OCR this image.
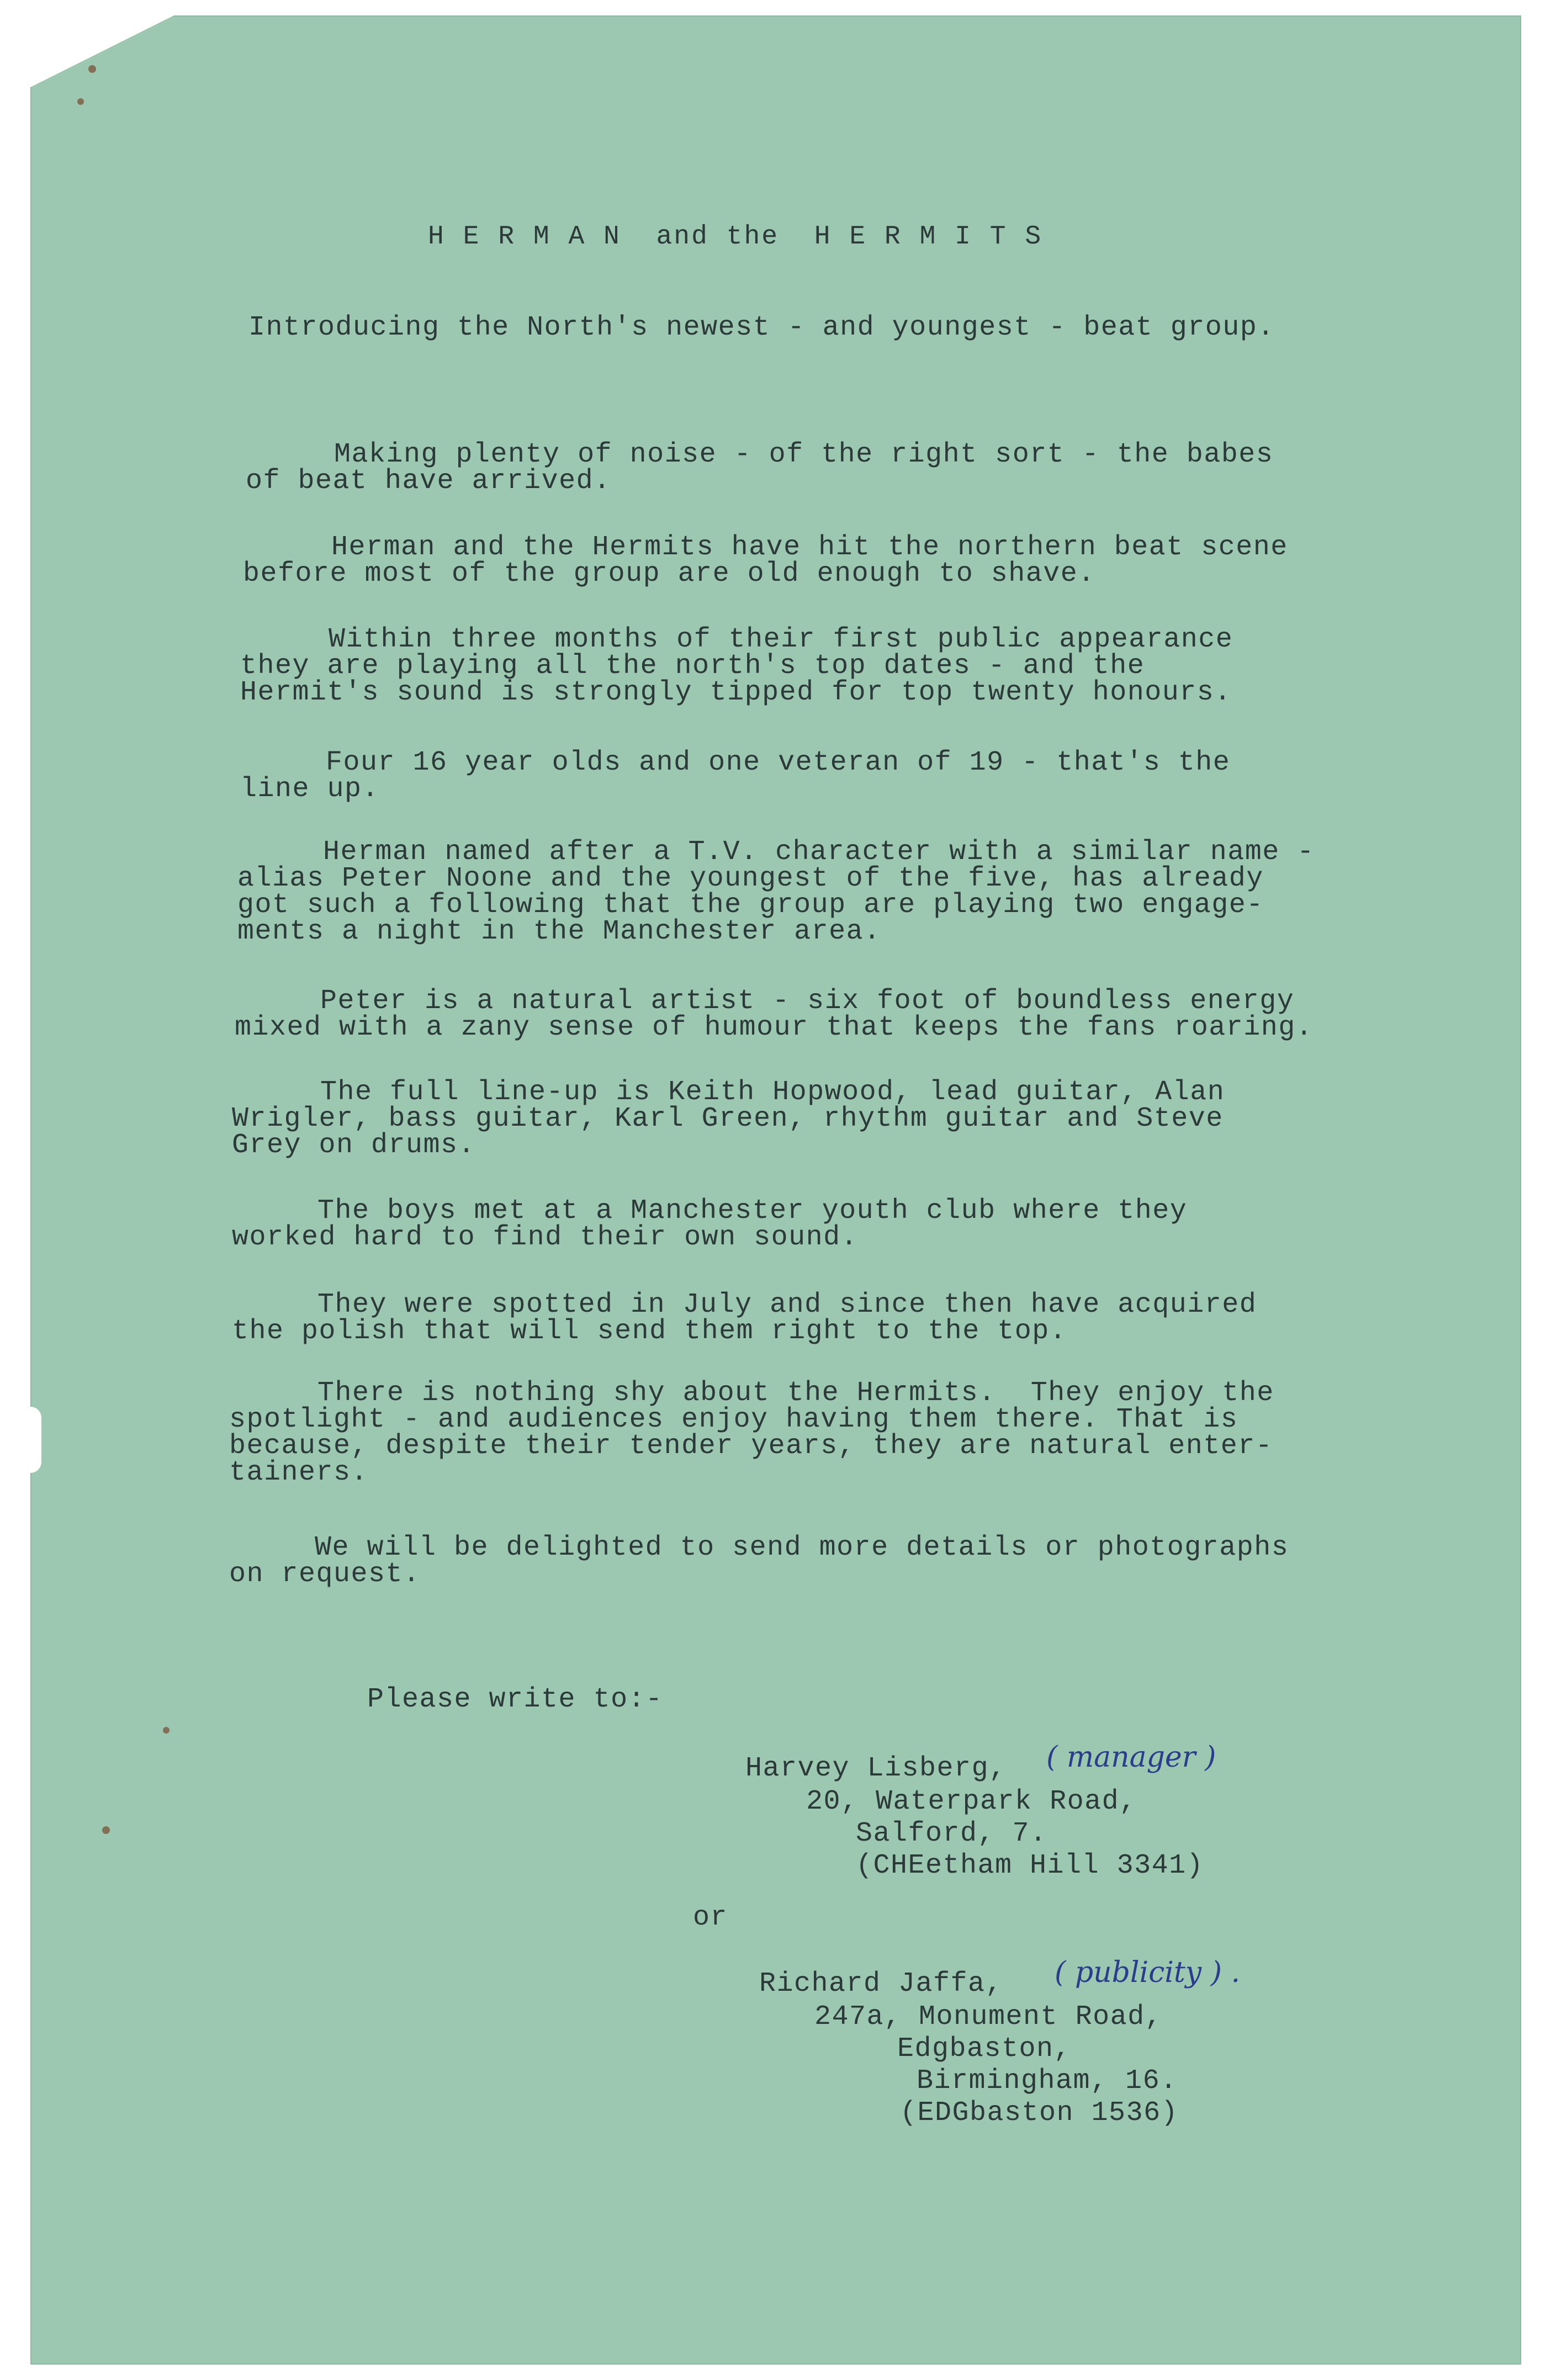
H E R M A N  and the  H E R M I T S
Introducing the North's newest - and youngest - beat group.
Making plenty of noise - of the right sort - the babes
of beat have arrived.
Herman and the Hermits have hit the northern beat scene
before most of the group are old enough to shave.
Within three months of their first public appearance
they are playing all the north's top dates - and the
Hermit's sound is strongly tipped for top twenty honours.
Four 16 year olds and one veteran of 19 - that's the
line up.
Herman named after a T.V. character with a similar name -
alias Peter Noone and the youngest of the five, has already
got such a following that the group are playing two engage-
ments a night in the Manchester area.
Peter is a natural artist - six foot of boundless energy
mixed with a zany sense of humour that keeps the fans roaring.
The full line-up is Keith Hopwood, lead guitar, Alan
Wrigler, bass guitar, Karl Green, rhythm guitar and Steve
Grey on drums.
The boys met at a Manchester youth club where they
worked hard to find their own sound.
They were spotted in July and since then have acquired
the polish that will send them right to the top.
There is nothing shy about the Hermits.  They enjoy the
spotlight - and audiences enjoy having them there. That is
because, despite their tender years, they are natural enter-
tainers.
We will be delighted to send more details or photographs
on request.
Please write to:-
Harvey Lisberg, ( manager )
20, Waterpark Road,
Salford, 7.
(CHEetham Hill 3341)
or
Richard Jaffa, ( publicity ) .
247a, Monument Road,
Edgbaston,
Birmingham, 16.
(EDGbaston 1536)
